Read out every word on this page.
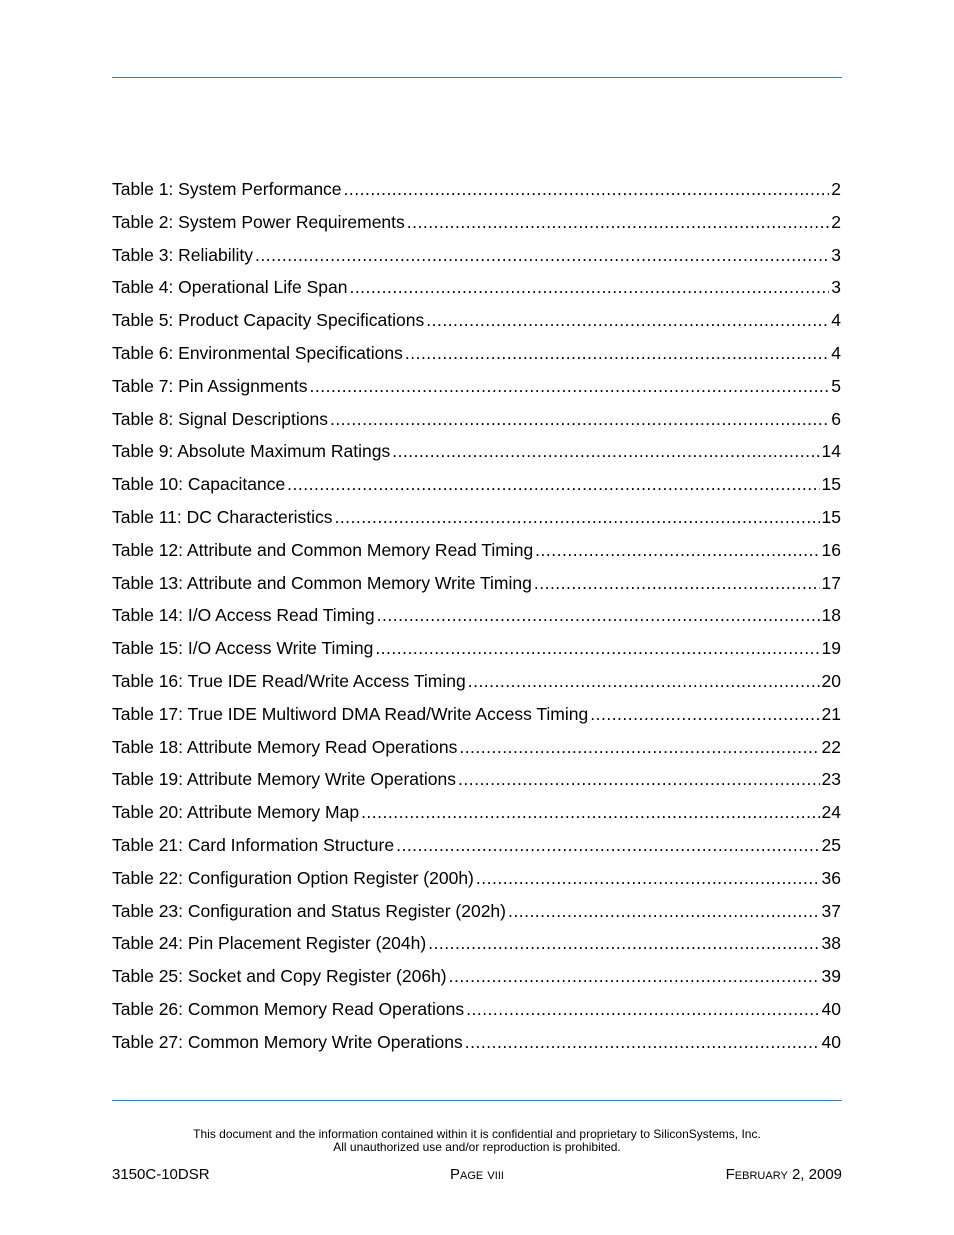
Table 1: System Performance .....	2
Table 2: System Power Requirements .....	2
Table 3: Reliability .....	3
Table 4: Operational Life Span .....	3
Table 5: Product Capacity Specifications .....	4
Table 6: Environmental Specifications .....	4
Table 7: Pin Assignments .....	5
Table 8: Signal Descriptions .....	6
Table 9: Absolute Maximum Ratings .....	14
Table 10: Capacitance .....	15
Table 11: DC Characteristics .....	15
Table 12: Attribute and Common Memory Read Timing .....	16
Table 13: Attribute and Common Memory Write Timing .....	17
Table 14: I/O Access Read Timing .....	18
Table 15: I/O Access Write Timing .....	19
Table 16: True IDE Read/Write Access Timing .....	20
Table 17: True IDE Multiword DMA Read/Write Access Timing .....	21
Table 18: Attribute Memory Read Operations .....	22
Table 19: Attribute Memory Write Operations .....	23
Table 20: Attribute Memory Map .....	24
Table 21: Card Information Structure .....	25
Table 22: Configuration Option Register (200h) .....	36
Table 23: Configuration and Status Register (202h) .....	37
Table 24: Pin Placement Register (204h) .....	38
Table 25: Socket and Copy Register (206h) .....	39
Table 26: Common Memory Read Operations .....	40
Table 27: Common Memory Write Operations .....	40
This document and the information contained within it is confidential and proprietary to SiliconSystems, Inc.
All unauthorized use and/or reproduction is prohibited.
3150C-10DSR	Page viii	February 2, 2009
